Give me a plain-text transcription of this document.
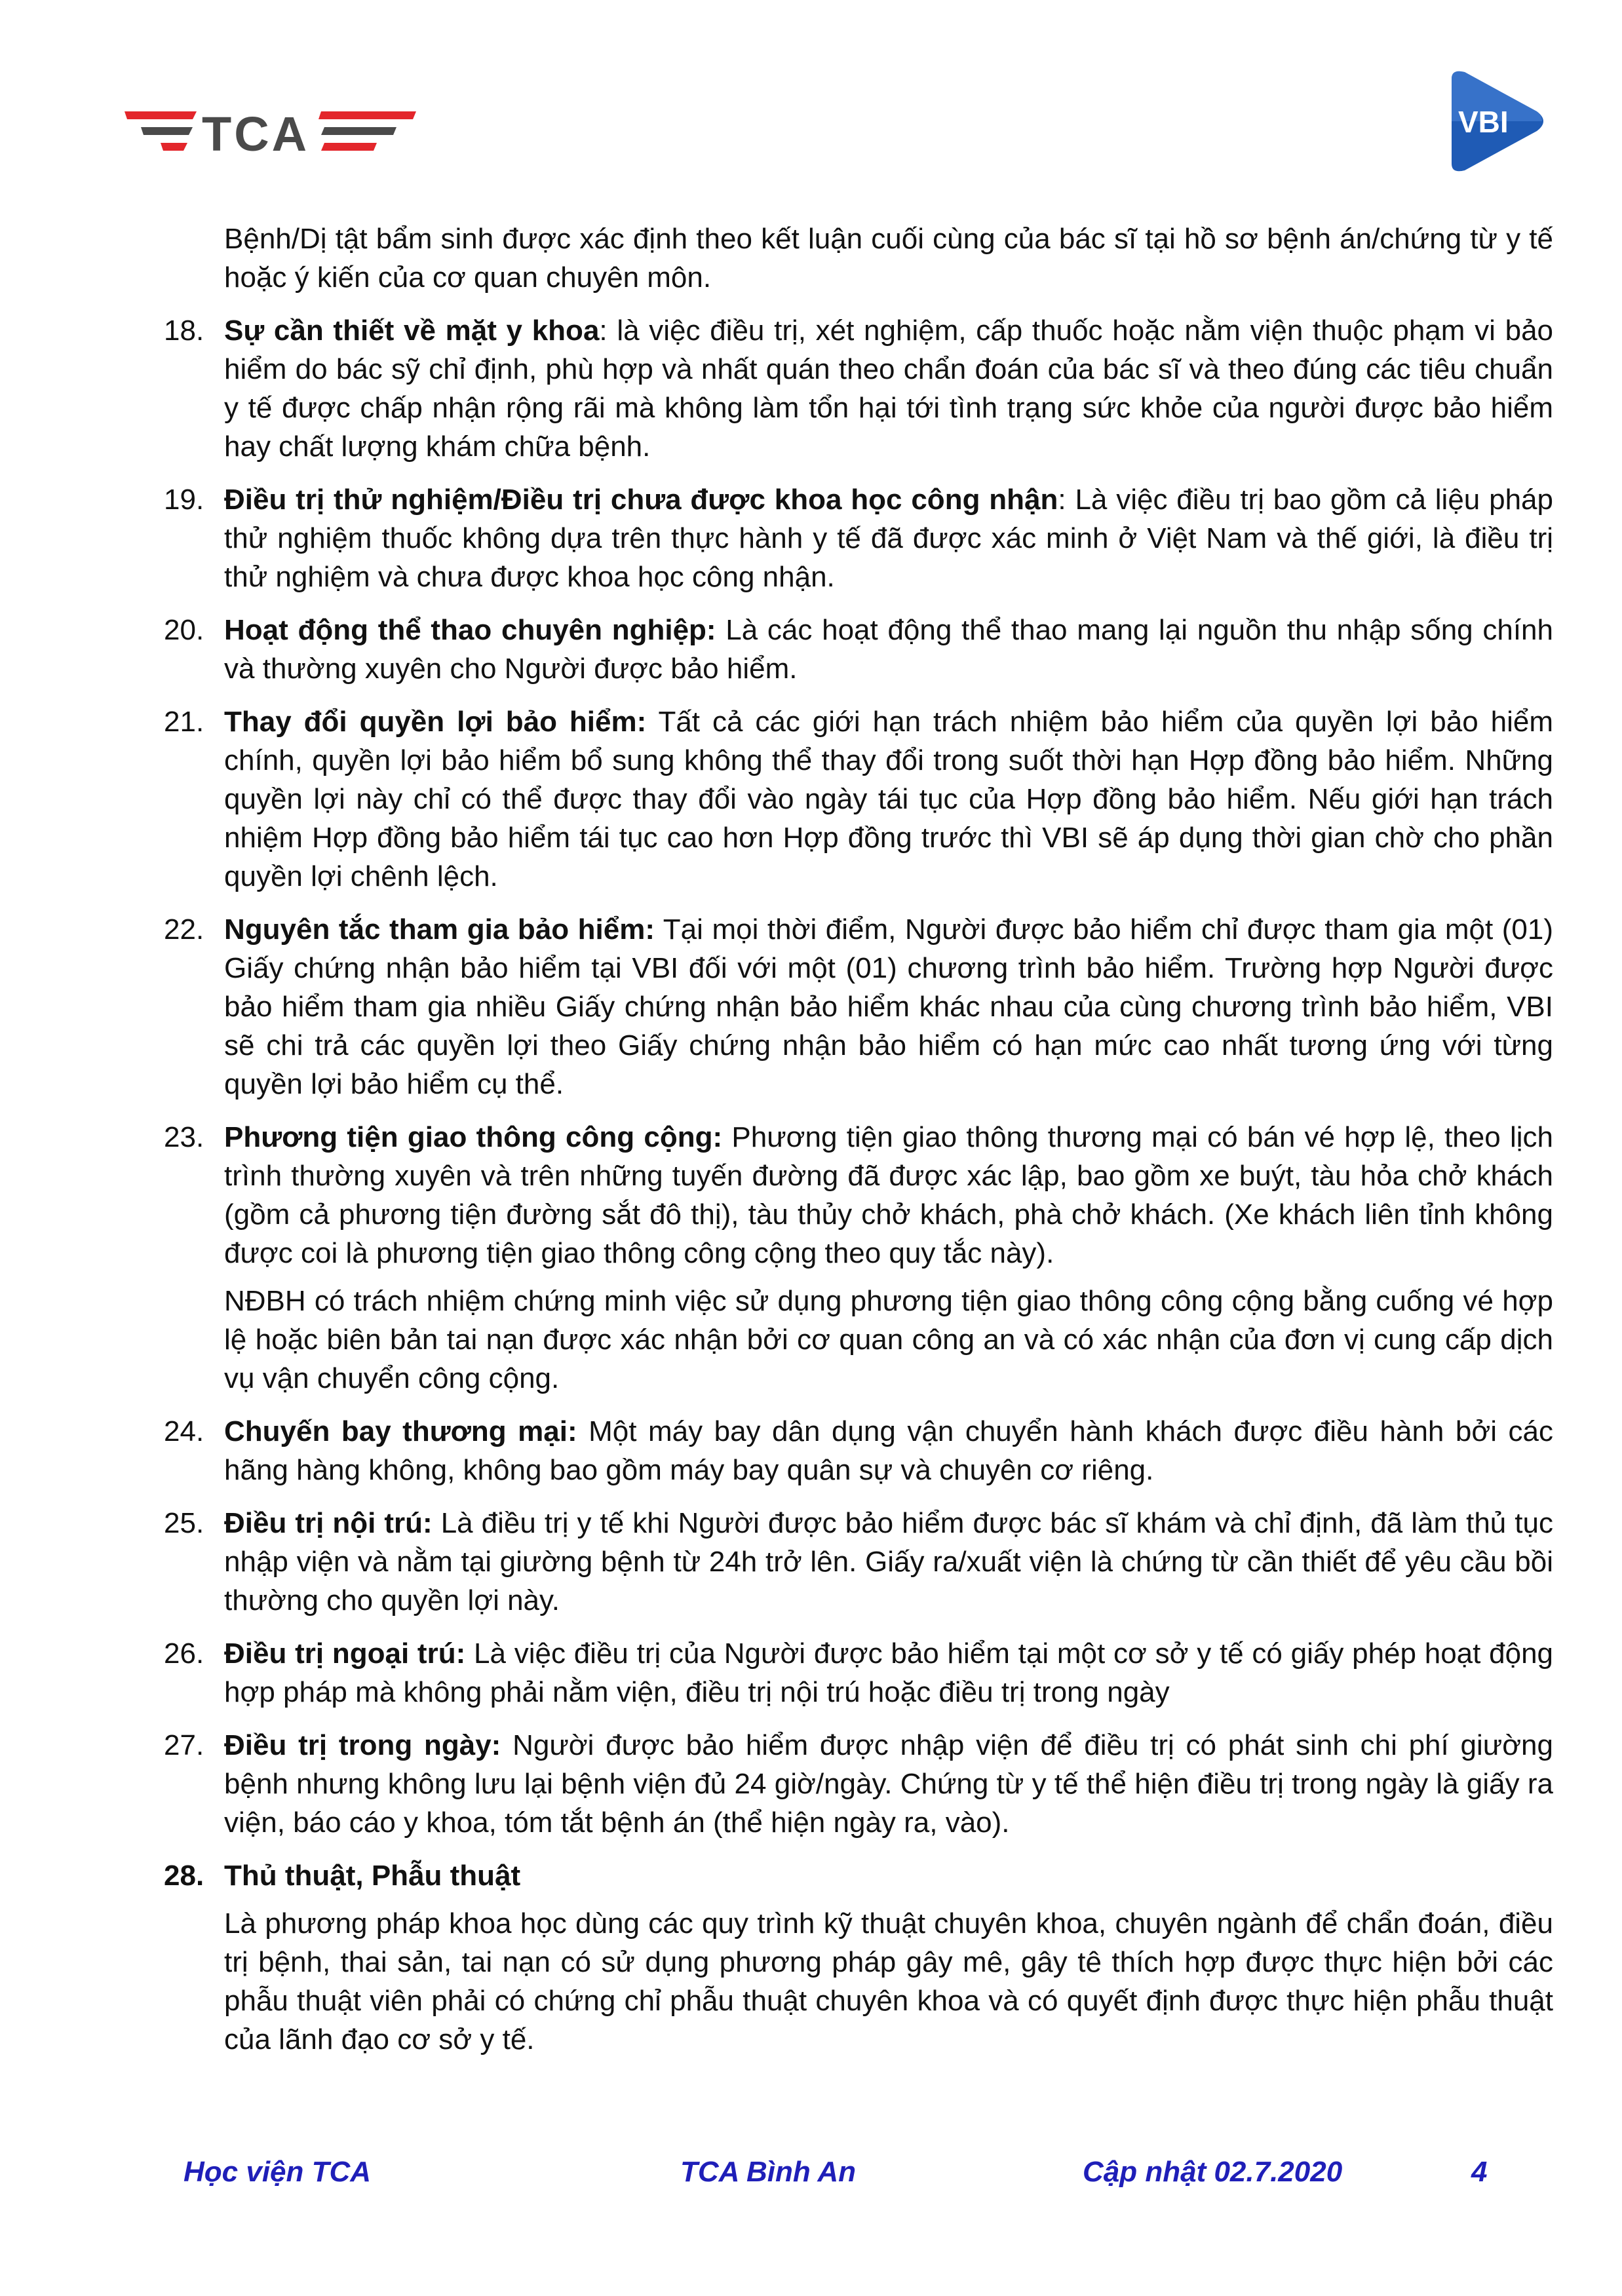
TCA	VBI

Bệnh/Dị tật bẩm sinh được xác định theo kết luận cuối cùng của bác sĩ tại hồ sơ bệnh án/chứng từ y tế hoặc ý kiến của cơ quan chuyên môn.

18. Sự cần thiết về mặt y khoa: là việc điều trị, xét nghiệm, cấp thuốc hoặc nằm viện thuộc phạm vi bảo hiểm do bác sỹ chỉ định, phù hợp và nhất quán theo chẩn đoán của bác sĩ và theo đúng các tiêu chuẩn y tế được chấp nhận rộng rãi mà không làm tổn hại tới tình trạng sức khỏe của người được bảo hiểm hay chất lượng khám chữa bệnh.

19. Điều trị thử nghiệm/Điều trị chưa được khoa học công nhận: Là việc điều trị bao gồm cả liệu pháp thử nghiệm thuốc không dựa trên thực hành y tế đã được xác minh ở Việt Nam và thế giới, là điều trị thử nghiệm và chưa được khoa học công nhận.

20. Hoạt động thể thao chuyên nghiệp: Là các hoạt động thể thao mang lại nguồn thu nhập sống chính và thường xuyên cho Người được bảo hiểm.

21. Thay đổi quyền lợi bảo hiểm: Tất cả các giới hạn trách nhiệm bảo hiểm của quyền lợi bảo hiểm chính, quyền lợi bảo hiểm bổ sung không thể thay đổi trong suốt thời hạn Hợp đồng bảo hiểm. Những quyền lợi này chỉ có thể được thay đổi vào ngày tái tục của Hợp đồng bảo hiểm. Nếu giới hạn trách nhiệm Hợp đồng bảo hiểm tái tục cao hơn Hợp đồng trước thì VBI sẽ áp dụng thời gian chờ cho phần quyền lợi chênh lệch.

22. Nguyên tắc tham gia bảo hiểm: Tại mọi thời điểm, Người được bảo hiểm chỉ được tham gia một (01) Giấy chứng nhận bảo hiểm tại VBI đối với một (01) chương trình bảo hiểm. Trường hợp Người được bảo hiểm tham gia nhiều Giấy chứng nhận bảo hiểm khác nhau của cùng chương trình bảo hiểm, VBI sẽ chi trả các quyền lợi theo Giấy chứng nhận bảo hiểm có hạn mức cao nhất tương ứng với từng quyền lợi bảo hiểm cụ thể.

23. Phương tiện giao thông công cộng: Phương tiện giao thông thương mại có bán vé hợp lệ, theo lịch trình thường xuyên và trên những tuyến đường đã được xác lập, bao gồm xe buýt, tàu hỏa chở khách (gồm cả phương tiện đường sắt đô thị), tàu thủy chở khách, phà chở khách. (Xe khách liên tỉnh không được coi là phương tiện giao thông công cộng theo quy tắc này).

NĐBH có trách nhiệm chứng minh việc sử dụng phương tiện giao thông công cộng bằng cuống vé hợp lệ hoặc biên bản tai nạn được xác nhận bởi cơ quan công an và có xác nhận của đơn vị cung cấp dịch vụ vận chuyển công cộng.

24. Chuyến bay thương mại: Một máy bay dân dụng vận chuyển hành khách được điều hành bởi các hãng hàng không, không bao gồm máy bay quân sự và chuyên cơ riêng.

25. Điều trị nội trú: Là điều trị y tế khi Người được bảo hiểm được bác sĩ khám và chỉ định, đã làm thủ tục nhập viện và nằm tại giường bệnh từ 24h trở lên. Giấy ra/xuất viện là chứng từ cần thiết để yêu cầu bồi thường cho quyền lợi này.

26. Điều trị ngoại trú: Là việc điều trị của Người được bảo hiểm tại một cơ sở y tế có giấy phép hoạt động hợp pháp mà không phải nằm viện, điều trị nội trú hoặc điều trị trong ngày

27. Điều trị trong ngày: Người được bảo hiểm được nhập viện để điều trị có phát sinh chi phí giường bệnh nhưng không lưu lại bệnh viện đủ 24 giờ/ngày. Chứng từ y tế thể hiện điều trị trong ngày là giấy ra viện, báo cáo y khoa, tóm tắt bệnh án (thể hiện ngày ra, vào).

28. Thủ thuật, Phẫu thuật

Là phương pháp khoa học dùng các quy trình kỹ thuật chuyên khoa, chuyên ngành để chẩn đoán, điều trị bệnh, thai sản, tai nạn có sử dụng phương pháp gây mê, gây tê thích hợp được thực hiện bởi các phẫu thuật viên phải có chứng chỉ phẫu thuật chuyên khoa và có quyết định được thực hiện phẫu thuật của lãnh đạo cơ sở y tế.

Học viện TCA	TCA Bình An	Cập nhật 02.7.2020	4
